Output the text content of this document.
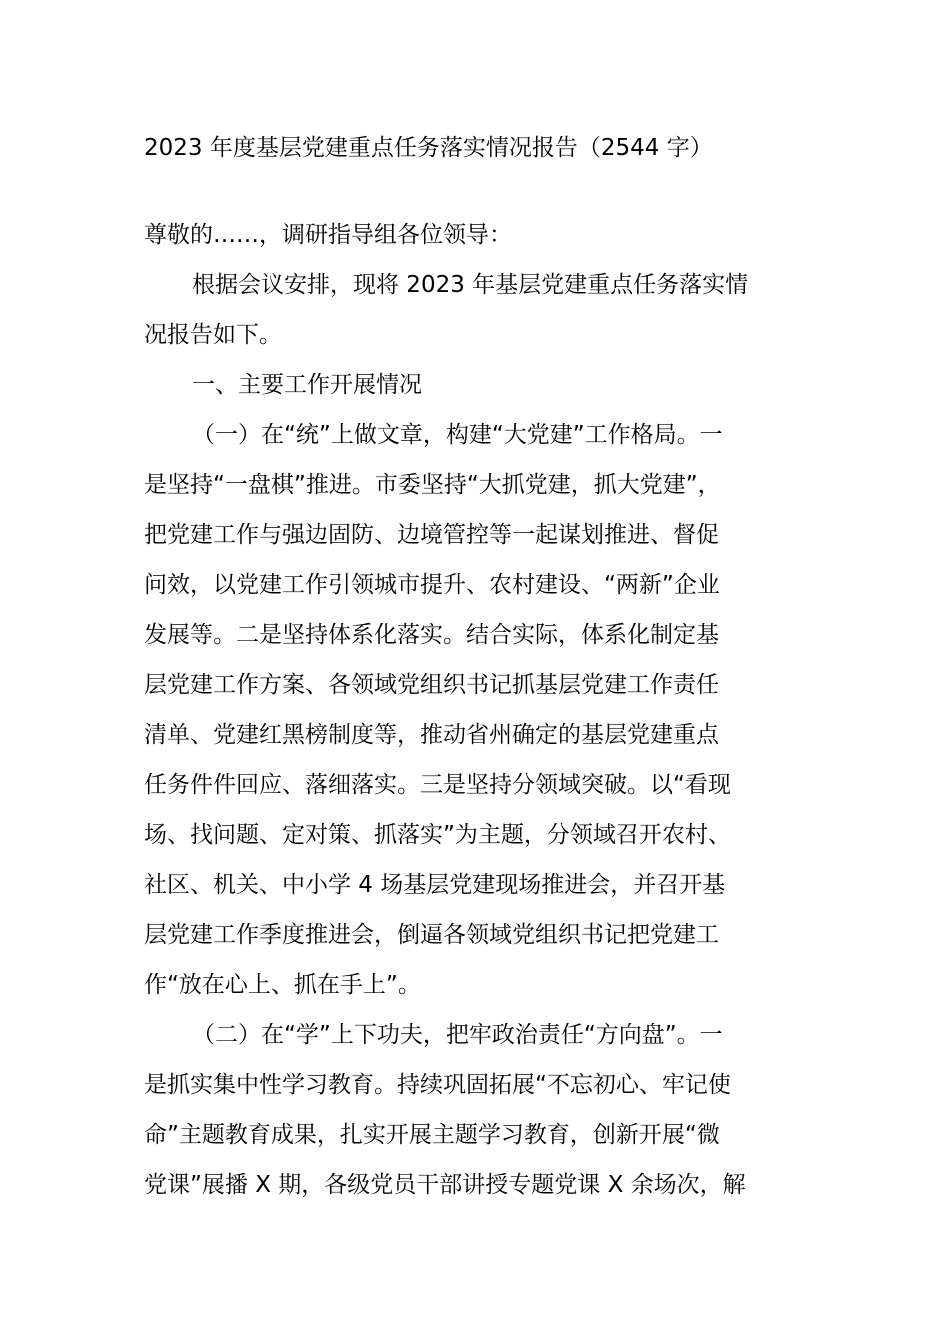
2023 年度基层党建重点任务落实情况报告（2544 字）
尊敬的……，调研指导组各位领导：
根据会议安排，现将 2023 年基层党建重点任务落实情
况报告如下。
一、主要工作开展情况
（一）在“统”上做文章，构建“大党建”工作格局。一
是坚持“一盘棋”推进。市委坚持“大抓党建，抓大党建”，
把党建工作与强边固防、边境管控等一起谋划推进、督促
问效，以党建工作引领城市提升、农村建设、“两新”企业
发展等。二是坚持体系化落实。结合实际，体系化制定基
层党建工作方案、各领域党组织书记抓基层党建工作责任
清单、党建红黑榜制度等，推动省州确定的基层党建重点
任务件件回应、落细落实。三是坚持分领域突破。以“看现
场、找问题、定对策、抓落实”为主题，分领域召开农村、
社区、机关、中小学 4 场基层党建现场推进会，并召开基
层党建工作季度推进会，倒逼各领域党组织书记把党建工
作“放在心上、抓在手上”。
（二）在“学”上下功夫，把牢政治责任“方向盘”。一
是抓实集中性学习教育。持续巩固拓展“不忘初心、牢记使
命”主题教育成果，扎实开展主题学习教育，创新开展“微
党课”展播 X 期，各级党员干部讲授专题党课 X 余场次，解
